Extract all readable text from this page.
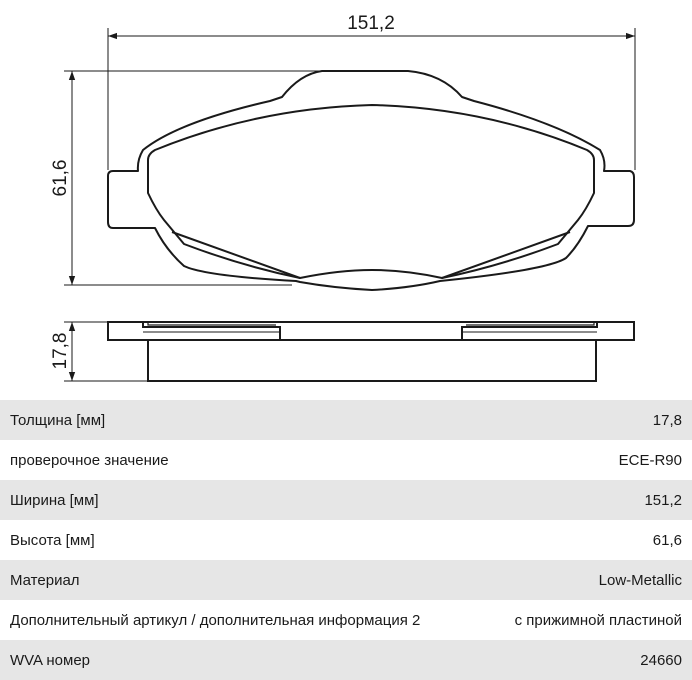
151,2
61,6
17,8
Толщина [мм]	17,8
проверочное значение	ECE-R90
Ширина [мм]	151,2
Высота [мм]	61,6
Материал	Low-Metallic
Дополнительный артикул / дополнительная информация 2	с прижимной пластиной
WVA номер	24660
